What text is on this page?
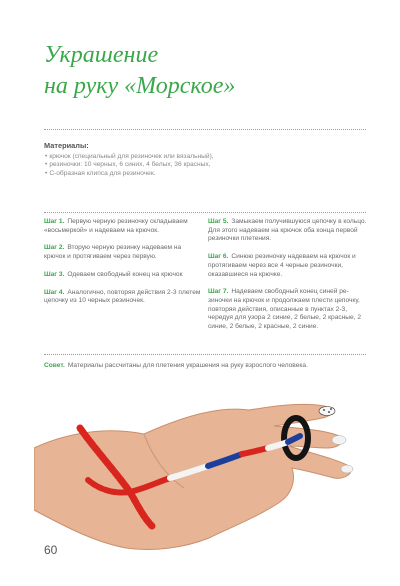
Украшение
на руку «Морское»
Материалы:
• крючок (специальный для резиночек или вязальный),
• резиночки: 10 черных, 6 синих, 4 белых, 36 красных,
• С-образная клипса для резиночек.

Шаг 1. Первую черную резиночку складываем «восьмеркой» и надеваем на крючок.

Шаг 2. Вторую черную резинку надеваем на крючок и протягиваем через первую.

Шаг 3. Одеваем свободный конец на крючок

Шаг 4. Аналогично, повторяя действия 2-3 плетем цепочку из 10 черных резиночек.

Шаг 5. Замыкаем получившуюся цепочку в кольцо. Для этого надеваем на крючок оба конца первой резиночки плетения.

Шаг 6. Синюю резиночку надеваем на крючок и протягиваем через все 4 черные резиночки, оказавшиеся на крючке.

Шаг 7. Надеваем свободный конец синей резиночки на крючок и продолжаем плести цепочку, повторяя действия, описанные в пунктах 2-3, чередуя для узора 2 синие, 2 белые, 2 красные, 2 синие, 2 белые, 2 красные, 2 синие.

Совет. Материалы рассчитаны для плетения украшения на руку взрослого человека.
60
